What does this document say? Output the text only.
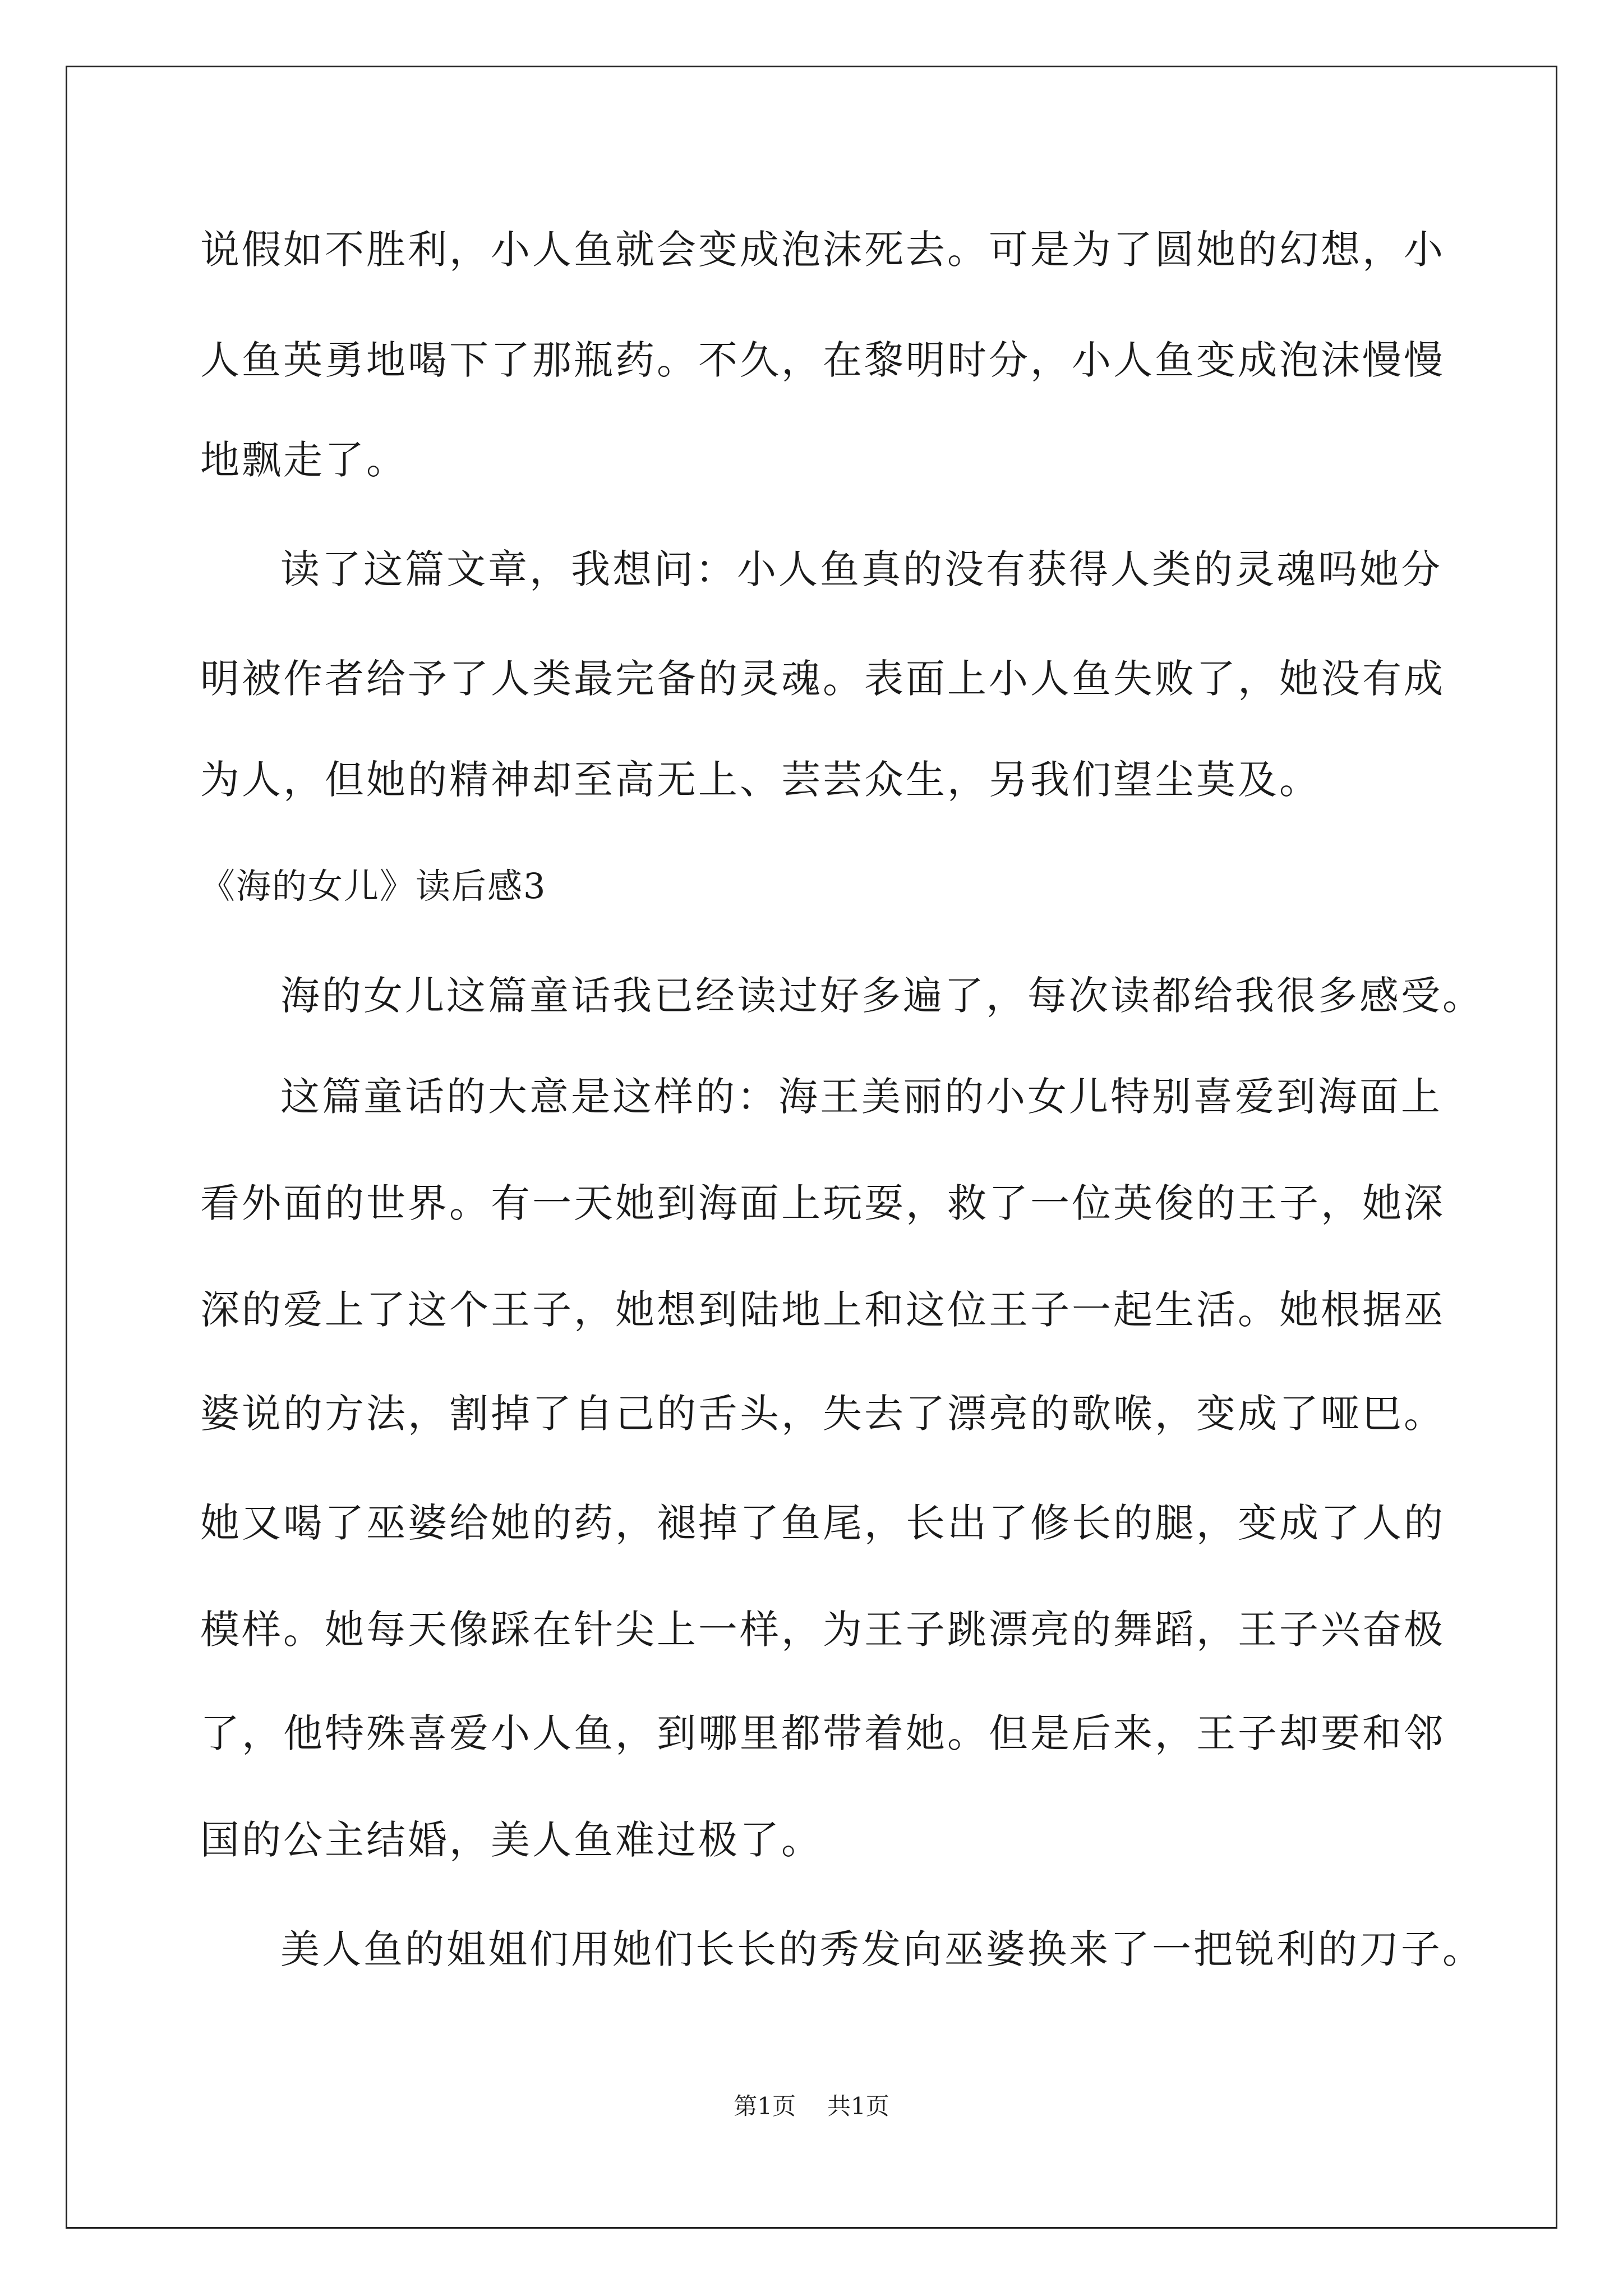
说假如不胜利，小人鱼就会变成泡沫死去。可是为了圆她的幻想，小
人鱼英勇地喝下了那瓶药。不久，在黎明时分，小人鱼变成泡沫慢慢
地飘走了。
读了这篇文章，我想问：小人鱼真的没有获得人类的灵魂吗她分
明被作者给予了人类最完备的灵魂。表面上小人鱼失败了，她没有成
为人，但她的精神却至高无上、芸芸众生，另我们望尘莫及。
《海的女儿》读后感3
海的女儿这篇童话我已经读过好多遍了，每次读都给我很多感受。
这篇童话的大意是这样的：海王美丽的小女儿特别喜爱到海面上
看外面的世界。有一天她到海面上玩耍，救了一位英俊的王子，她深
深的爱上了这个王子，她想到陆地上和这位王子一起生活。她根据巫
婆说的方法，割掉了自己的舌头，失去了漂亮的歌喉，变成了哑巴。
她又喝了巫婆给她的药，褪掉了鱼尾，长出了修长的腿，变成了人的
模样。她每天像踩在针尖上一样，为王子跳漂亮的舞蹈，王子兴奋极
了，他特殊喜爱小人鱼，到哪里都带着她。但是后来，王子却要和邻
国的公主结婚，美人鱼难过极了。
美人鱼的姐姐们用她们长长的秀发向巫婆换来了一把锐利的刀子。
第1页 共1页
